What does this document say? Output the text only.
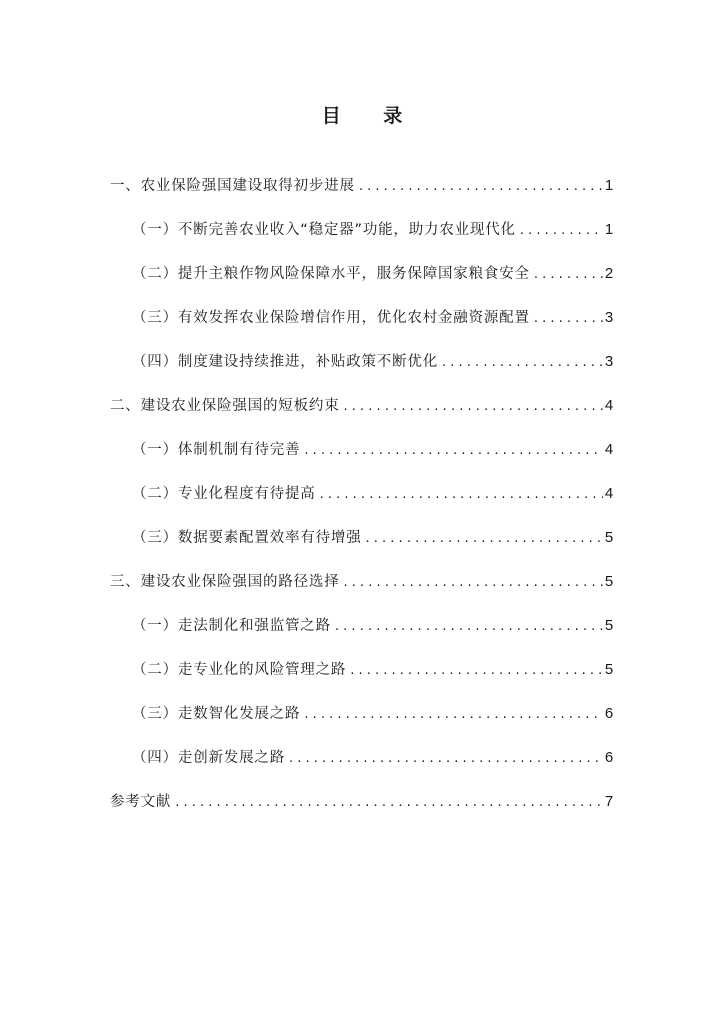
目 录
一、农业保险强国建设取得初步进展 . . .	1
（一）不断完善农业收入“稳定器”功能，助力农业现代化 . . .	1
（二）提升主粮作物风险保障水平，服务保障国家粮食安全 . . .	2
（三）有效发挥农业保险增信作用，优化农村金融资源配置 . . .	3
（四）制度建设持续推进，补贴政策不断优化 . . .	3
二、建设农业保险强国的短板约束 . . .	4
（一）体制机制有待完善 . . .	4
（二）专业化程度有待提高 . . .	4
（三）数据要素配置效率有待增强 . . .	5
三、建设农业保险强国的路径选择 . . .	5
（一）走法制化和强监管之路 . . .	5
（二）走专业化的风险管理之路 . . .	5
（三）走数智化发展之路 . . .	6
（四）走创新发展之路 . . .	6
参考文献 . . .	7
